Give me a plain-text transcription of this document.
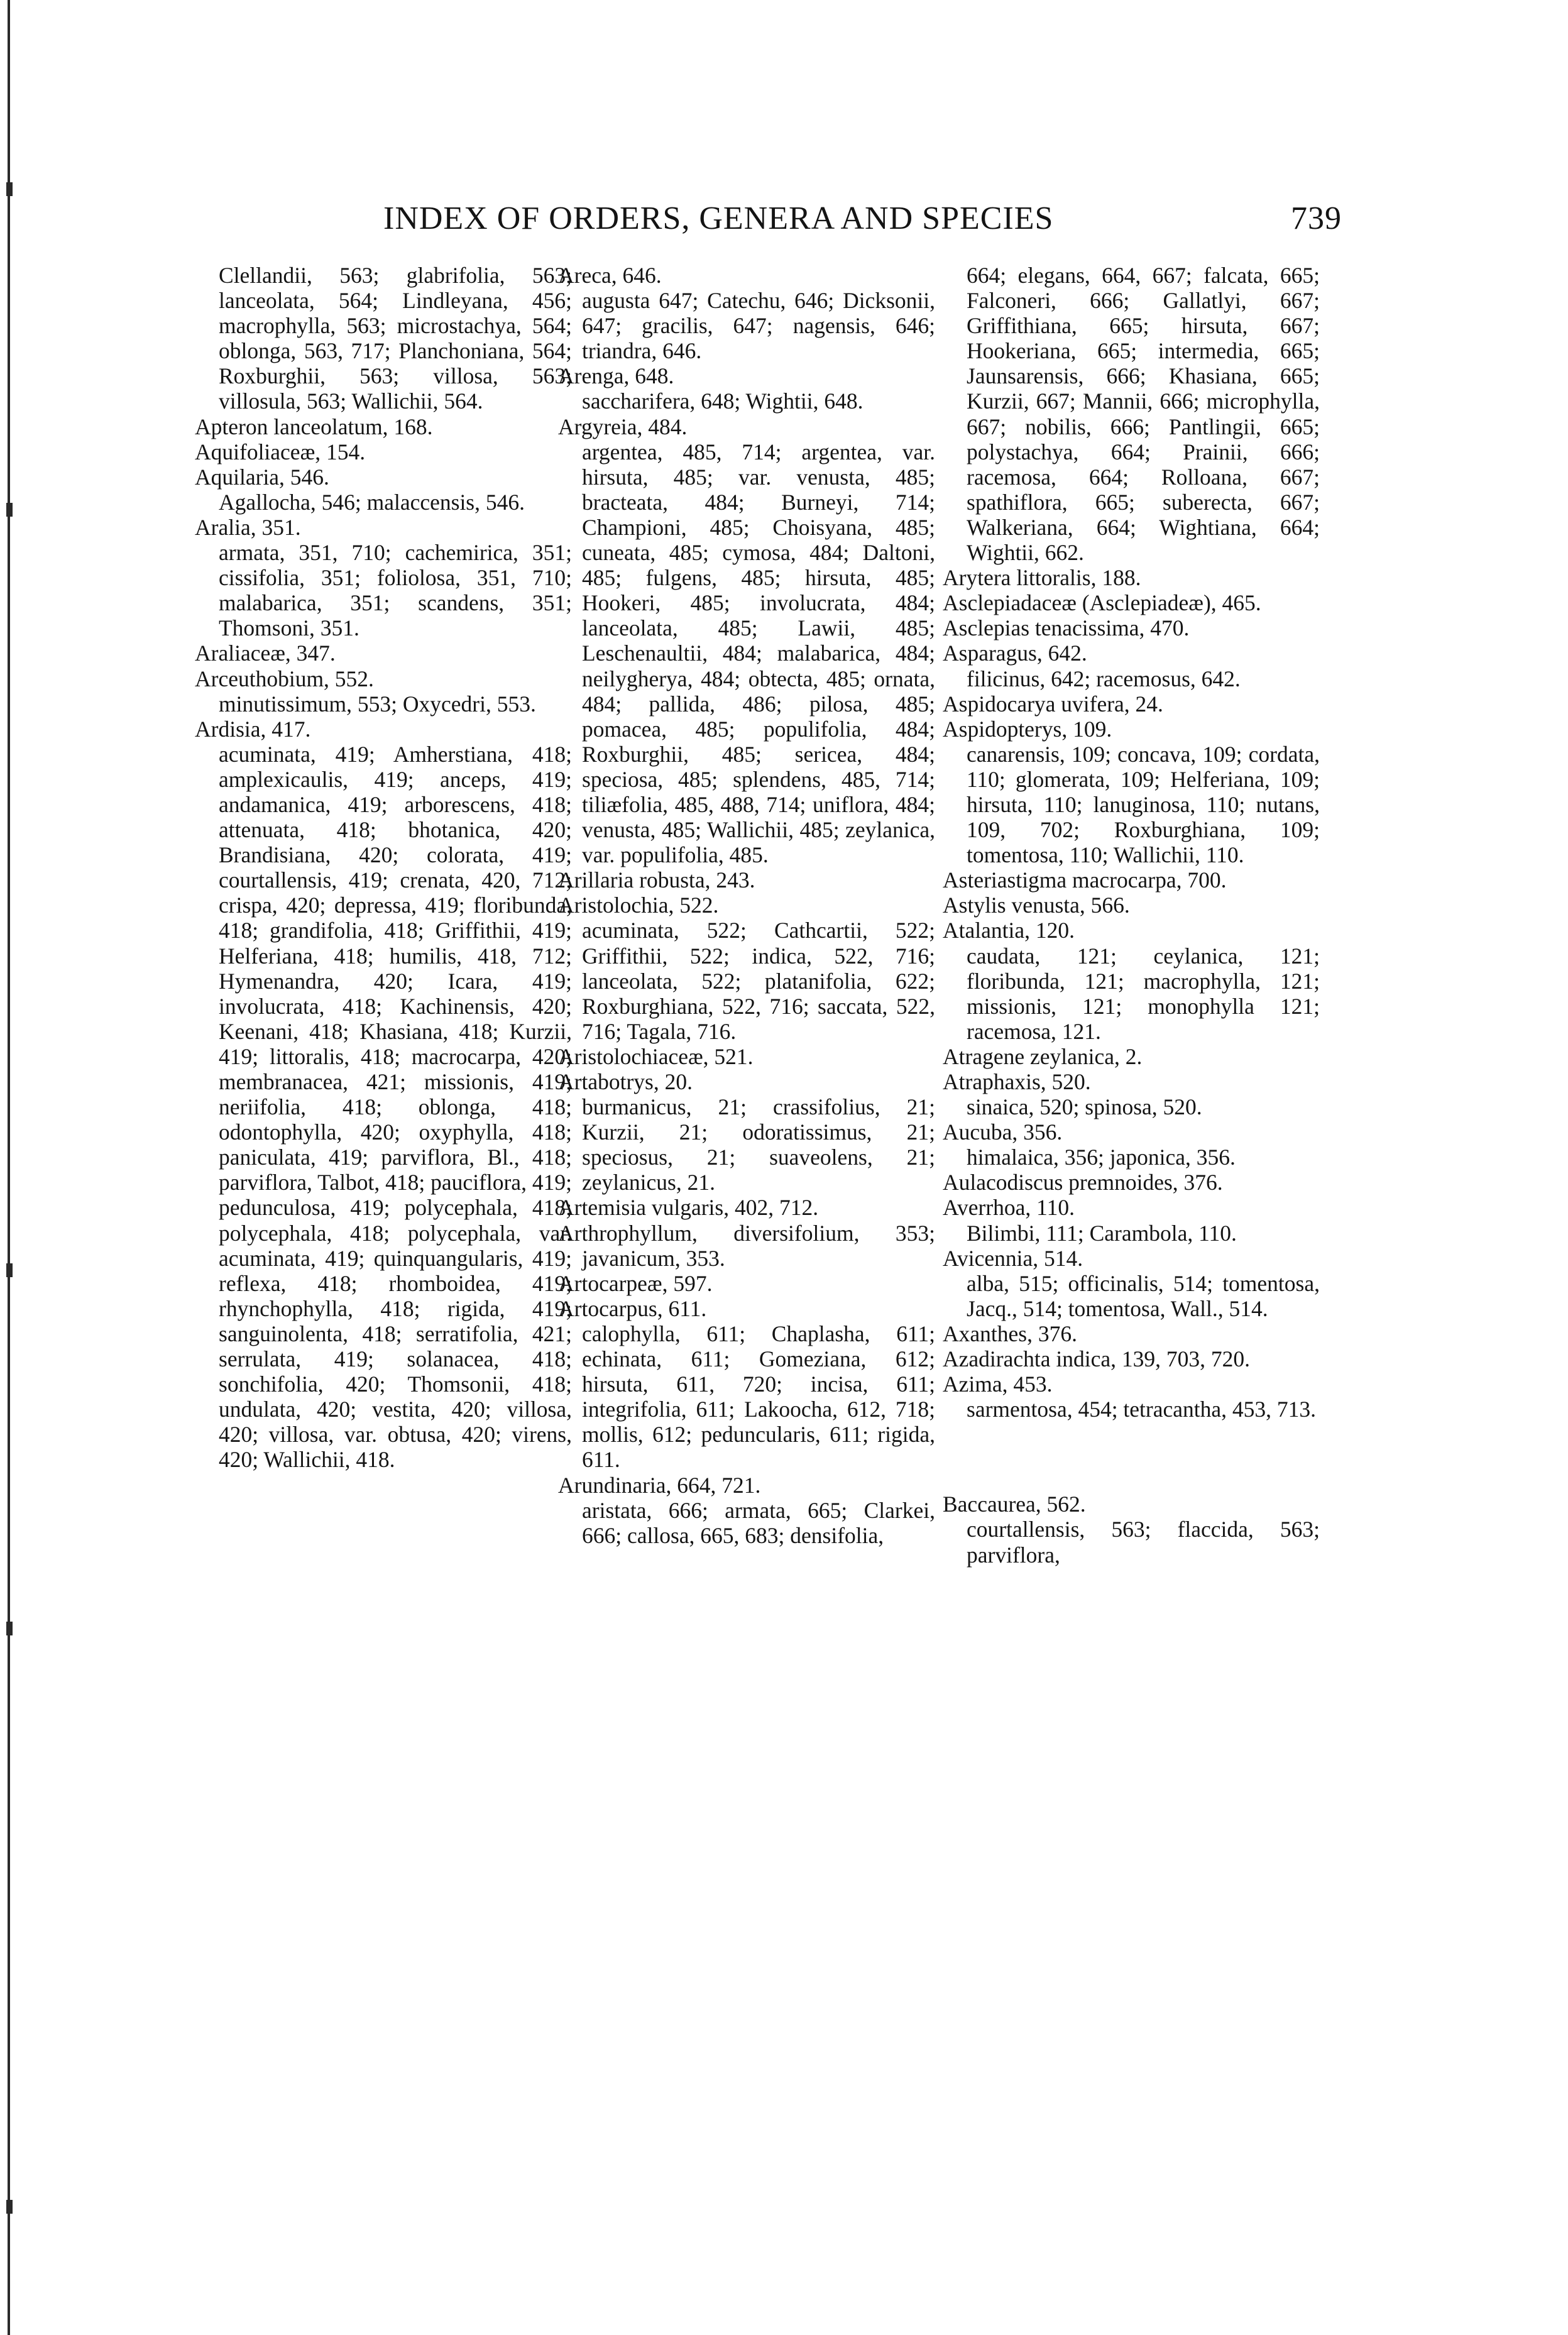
INDEX OF ORDERS, GENERA AND SPECIES	739

Clellandii, 563; glabrifolia, 563; lanceolata, 564; Lindleyana, 456; macrophylla, 563; microstachya, 564; oblonga, 563, 717; Planchoniana, 564; Roxburghii, 563; villosa, 563; villosula, 563; Wallichii, 564.

Apteron lanceolatum, 168.

Aquifoliaceæ, 154.

Aquilaria, 546.

Agallocha, 546; malaccensis, 546.

Aralia, 351.

armata, 351, 710; cachemirica, 351; cissifolia, 351; foliolosa, 351, 710; malabarica, 351; scandens, 351; Thomsoni, 351.

Araliaceæ, 347.

Arceuthobium, 552.

minutissimum, 553; Oxycedri, 553.

Ardisia, 417.

acuminata, 419; Amherstiana, 418; amplexicaulis, 419; anceps, 419; andamanica, 419; arborescens, 418; attenuata, 418; bhotanica, 420; Brandisiana, 420; colorata, 419; courtallensis, 419; crenata, 420, 712; crispa, 420; depressa, 419; floribunda, 418; grandifolia, 418; Griffithii, 419; Helferiana, 418; humilis, 418, 712; Hymenandra, 420; Icara, 419; involucrata, 418; Kachinensis, 420; Keenani, 418; Khasiana, 418; Kurzii, 419; littoralis, 418; macrocarpa, 420; membranacea, 421; missionis, 419; neriifolia, 418; oblonga, 418; odontophylla, 420; oxyphylla, 418; paniculata, 419; parviflora, Bl., 418; parviflora, Talbot, 418; pauciflora, 419; pedunculosa, 419; polycephala, 418; polycephala, 418; polycephala, var. acuminata, 419; quinquangularis, 419; reflexa, 418; rhomboidea, 419; rhynchophylla, 418; rigida, 419; sanguinolenta, 418; serratifolia, 421; serrulata, 419; solanacea, 418; sonchifolia, 420; Thomsonii, 418; undulata, 420; vestita, 420; villosa, 420; villosa, var. obtusa, 420; virens, 420; Wallichii, 418.

Areca, 646.

augusta 647; Catechu, 646; Dicksonii, 647; gracilis, 647; nagensis, 646; triandra, 646.

Arenga, 648.

saccharifera, 648; Wightii, 648.

Argyreia, 484.

argentea, 485, 714; argentea, var. hirsuta, 485; var. venusta, 485; bracteata, 484; Burneyi, 714; Championi, 485; Choisyana, 485; cuneata, 485; cymosa, 484; Daltoni, 485; fulgens, 485; hirsuta, 485; Hookeri, 485; involucrata, 484; lanceolata, 485; Lawii, 485; Leschenaultii, 484; malabarica, 484; neilygherya, 484; obtecta, 485; ornata, 484; pallida, 486; pilosa, 485; pomacea, 485; populifolia, 484; Roxburghii, 485; sericea, 484; speciosa, 485; splendens, 485, 714; tiliæfolia, 485, 488, 714; uniflora, 484; venusta, 485; Wallichii, 485; zeylanica, var. populifolia, 485.

Arillaria robusta, 243.

Aristolochia, 522.

acuminata, 522; Cathcartii, 522; Griffithii, 522; indica, 522, 716; lanceolata, 522; platanifolia, 622; Roxburghiana, 522, 716; saccata, 522, 716; Tagala, 716.

Aristolochiaceæ, 521.

Artabotrys, 20.

burmanicus, 21; crassifolius, 21; Kurzii, 21; odoratissimus, 21; speciosus, 21; suaveolens, 21; zeylanicus, 21.

Artemisia vulgaris, 402, 712.

Arthrophyllum, diversifolium, 353; javanicum, 353.

Artocarpeæ, 597.

Artocarpus, 611.

calophylla, 611; Chaplasha, 611; echinata, 611; Gomeziana, 612; hirsuta, 611, 720; incisa, 611; integrifolia, 611; Lakoocha, 612, 718; mollis, 612; peduncularis, 611; rigida, 611.

Arundinaria, 664, 721.

aristata, 666; armata, 665; Clarkei, 666; callosa, 665, 683; densifolia,

664; elegans, 664, 667; falcata, 665; Falconeri, 666; Gallatlyi, 667; Griffithiana, 665; hirsuta, 667; Hookeriana, 665; intermedia, 665; Jaunsarensis, 666; Khasiana, 665; Kurzii, 667; Mannii, 666; microphylla, 667; nobilis, 666; Pantlingii, 665; polystachya, 664; Prainii, 666; racemosa, 664; Rolloana, 667; spathiflora, 665; suberecta, 667; Walkeriana, 664; Wightiana, 664; Wightii, 662.

Arytera littoralis, 188.

Asclepiadaceæ (Asclepiadeæ), 465.

Asclepias tenacissima, 470.

Asparagus, 642.

filicinus, 642; racemosus, 642.

Aspidocarya uvifera, 24.

Aspidopterys, 109.

canarensis, 109; concava, 109; cordata, 110; glomerata, 109; Helferiana, 109; hirsuta, 110; lanuginosa, 110; nutans, 109, 702; Roxburghiana, 109; tomentosa, 110; Wallichii, 110.

Asteriastigma macrocarpa, 700.

Astylis venusta, 566.

Atalantia, 120.

caudata, 121; ceylanica, 121; floribunda, 121; macrophylla, 121; missionis, 121; monophylla 121; racemosa, 121.

Atragene zeylanica, 2.

Atraphaxis, 520.

sinaica, 520; spinosa, 520.

Aucuba, 356.

himalaica, 356; japonica, 356.

Aulacodiscus premnoides, 376.

Averrhoa, 110.

Bilimbi, 111; Carambola, 110.

Avicennia, 514.

alba, 515; officinalis, 514; tomentosa, Jacq., 514; tomentosa, Wall., 514.

Axanthes, 376.

Azadirachta indica, 139, 703, 720.

Azima, 453.

sarmentosa, 454; tetracantha, 453, 713.

Baccaurea, 562.

courtallensis, 563; flaccida, 563; parviflora,
